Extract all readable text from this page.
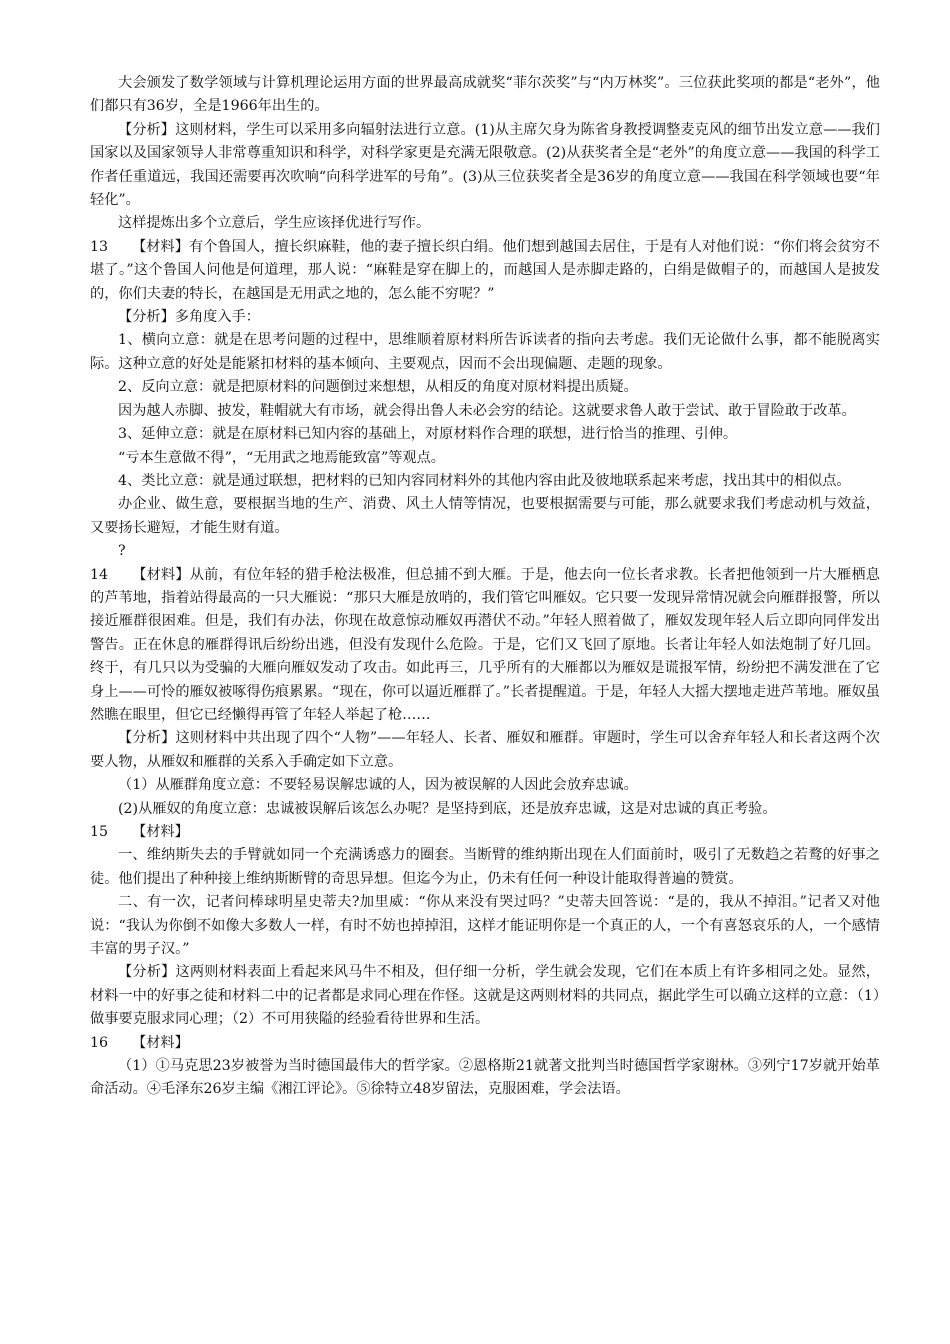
大会颁发了数学领域与计算机理论运用方面的世界最高成就奖“菲尔茨奖”与“内万林奖”。三位获此奖项的都是“老外”，他们都只有36岁，全是1966年出生的。

【分析】这则材料，学生可以采用多向辐射法进行立意。(1)从主席欠身为陈省身教授调整麦克风的细节出发立意——我们国家以及国家领导人非常尊重知识和科学，对科学家更是充满无限敬意。(2)从获奖者全是“老外”的角度立意——我国的科学工作者任重道远，我国还需要再次吹响“向科学进军的号角”。(3)从三位获奖者全是36岁的角度立意——我国在科学领域也要“年轻化”。

这样提炼出多个立意后，学生应该择优进行写作。

13 【材料】有个鲁国人，擅长织麻鞋，他的妻子擅长织白绢。他们想到越国去居住，于是有人对他们说：“你们将会贫穷不堪了。”这个鲁国人问他是何道理，那人说：“麻鞋是穿在脚上的，而越国人是赤脚走路的，白绢是做帽子的，而越国人是披发的，你们夫妻的特长，在越国是无用武之地的，怎么能不穷呢？”

【分析】多角度入手：

1、横向立意：就是在思考问题的过程中，思维顺着原材料所告诉读者的指向去考虑。我们无论做什么事，都不能脱离实际。这种立意的好处是能紧扣材料的基本倾向、主要观点，因而不会出现偏题、走题的现象。

2、反向立意：就是把原材料的问题倒过来想想，从相反的角度对原材料提出质疑。

因为越人赤脚、披发，鞋帽就大有市场，就会得出鲁人未必会穷的结论。这就要求鲁人敢于尝试、敢于冒险敢于改革。

3、延伸立意：就是在原材料已知内容的基础上，对原材料作合理的联想，进行恰当的推理、引伸。

“亏本生意做不得”，“无用武之地焉能致富”等观点。

4、类比立意：就是通过联想，把材料的已知内容同材料外的其他内容由此及彼地联系起来考虑，找出其中的相似点。

办企业、做生意，要根据当地的生产、消费、风土人情等情况，也要根据需要与可能，那么就要求我们考虑动机与效益，又要扬长避短，才能生财有道。

?

14 【材料】从前，有位年轻的猎手枪法极准，但总捕不到大雁。于是，他去向一位长者求教。长者把他领到一片大雁栖息的芦苇地，指着站得最高的一只大雁说：“那只大雁是放哨的，我们管它叫雁奴。它只要一发现异常情况就会向雁群报警，所以接近雁群很困难。但是，我们有办法，你现在故意惊动雁奴再潜伏不动。”年轻人照着做了，雁奴发现年轻人后立即向同伴发出警告。正在休息的雁群得讯后纷纷出逃，但没有发现什么危险。于是，它们又飞回了原地。长者让年轻人如法炮制了好几回。终于，有几只以为受骗的大雁向雁奴发动了攻击。如此再三，几乎所有的大雁都以为雁奴是谎报军情，纷纷把不满发泄在了它身上——可怜的雁奴被啄得伤痕累累。“现在，你可以逼近雁群了。”长者提醒道。于是，年轻人大摇大摆地走进芦苇地。雁奴虽然瞧在眼里，但它已经懒得再管了年轻人举起了枪……

【分析】这则材料中共出现了四个“人物”——年轻人、长者、雁奴和雁群。审题时，学生可以舍弃年轻人和长者这两个次要人物，从雁奴和雁群的关系入手确定如下立意。

（1）从雁群角度立意：不要轻易误解忠诚的人，因为被误解的人因此会放弃忠诚。

(2)从雁奴的角度立意：忠诚被误解后该怎么办呢？是坚持到底，还是放弃忠诚，这是对忠诚的真正考验。

15 【材料】

一、维纳斯失去的手臂就如同一个充满诱惑力的圈套。当断臂的维纳斯出现在人们面前时，吸引了无数趋之若鹜的好事之徒。他们提出了种种接上维纳斯断臂的奇思异想。但迄今为止，仍未有任何一种设计能取得普遍的赞赏。

二、有一次，记者问棒球明星史蒂夫?加里威：“你从来没有哭过吗？”史蒂夫回答说：“是的，我从不掉泪。”记者又对他说：“我认为你倒不如像大多数人一样，有时不妨也掉掉泪，这样才能证明你是一个真正的人，一个有喜怒哀乐的人，一个感情丰富的男子汉。”

【分析】这两则材料表面上看起来风马牛不相及，但仔细一分析，学生就会发现，它们在本质上有许多相同之处。显然，材料一中的好事之徒和材料二中的记者都是求同心理在作怪。这就是这两则材料的共同点，据此学生可以确立这样的立意：（1）做事要克服求同心理；（2）不可用狭隘的经验看待世界和生活。

16 【材料】

（1）①马克思23岁被誉为当时德国最伟大的哲学家。②恩格斯21就著文批判当时德国哲学家谢林。③列宁17岁就开始革命活动。④毛泽东26岁主编《湘江评论》。⑤徐特立48岁留法，克服困难，学会法语。
